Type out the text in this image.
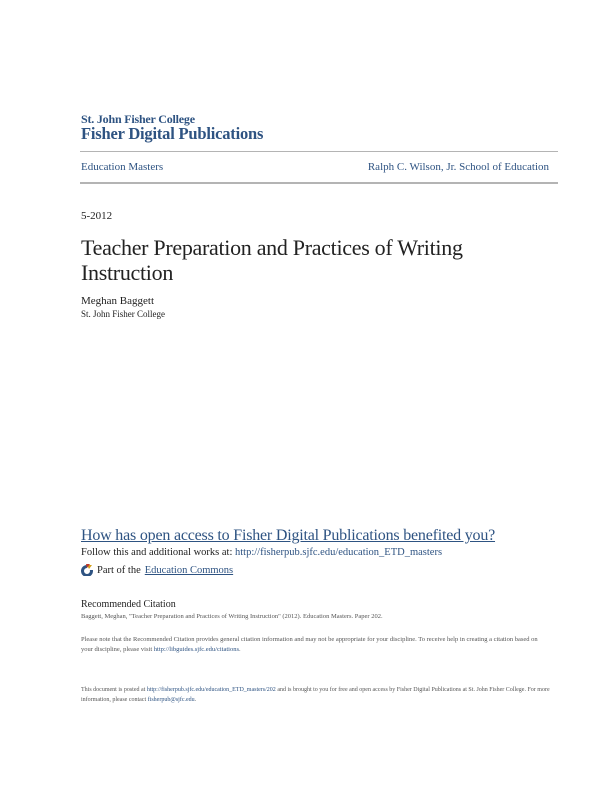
St. John Fisher College
Fisher Digital Publications
Education Masters	Ralph C. Wilson, Jr. School of Education
5-2012
Teacher Preparation and Practices of Writing Instruction
Meghan Baggett
St. John Fisher College
How has open access to Fisher Digital Publications benefited you?
Follow this and additional works at: http://fisherpub.sjfc.edu/education_ETD_masters
Part of the Education Commons
Recommended Citation
Baggett, Meghan, "Teacher Preparation and Practices of Writing Instruction" (2012). Education Masters. Paper 202.
Please note that the Recommended Citation provides general citation information and may not be appropriate for your discipline. To receive help in creating a citation based on your discipline, please visit http://libguides.sjfc.edu/citations.
This document is posted at http://fisherpub.sjfc.edu/education_ETD_masters/202 and is brought to you for free and open access by Fisher Digital Publications at St. John Fisher College. For more information, please contact fisherpub@sjfc.edu.
